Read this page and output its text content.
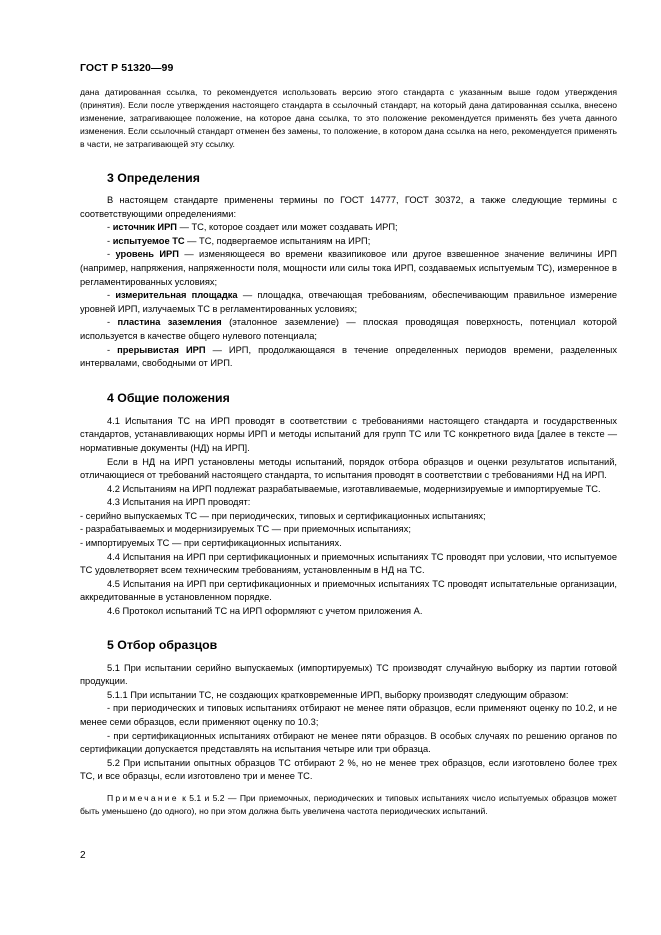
ГОСТ Р 51320—99

дана датированная ссылка, то рекомендуется использовать версию этого стандарта с указанным выше годом утверждения (принятия). Если после утверждения настоящего стандарта в ссылочный стандарт, на который дана датированная ссылка, внесено изменение, затрагивающее положение, на которое дана ссылка, то это положение рекомендуется применять без учета данного изменения. Если ссылочный стандарт отменен без замены, то положение, в котором дана ссылка на него, рекомендуется применять в части, не затрагивающей эту ссылку.

3 Определения

В настоящем стандарте применены термины по ГОСТ 14777, ГОСТ 30372, а также следующие термины с соответствующими определениями:

- источник ИРП — ТС, которое создает или может создавать ИРП;

- испытуемое ТС — ТС, подвергаемое испытаниям на ИРП;

- уровень ИРП — изменяющееся во времени квазипиковое или другое взвешенное значение величины ИРП (например, напряжения, напряженности поля, мощности или силы тока ИРП, создаваемых испытуемым ТС), измеренное в регламентированных условиях;

- измерительная площадка — площадка, отвечающая требованиям, обеспечивающим правильное измерение уровней ИРП, излучаемых ТС в регламентированных условиях;

- пластина заземления (эталонное заземление) — плоская проводящая поверхность, потенциал которой используется в качестве общего нулевого потенциала;

- прерывистая ИРП — ИРП, продолжающаяся в течение определенных периодов времени, разделенных интервалами, свободными от ИРП.

4 Общие положения

4.1 Испытания ТС на ИРП проводят в соответствии с требованиями настоящего стандарта и государственных стандартов, устанавливающих нормы ИРП и методы испытаний для групп ТС или ТС конкретного вида [далее в тексте — нормативные документы (НД) на ИРП].

Если в НД на ИРП установлены методы испытаний, порядок отбора образцов и оценки результатов испытаний, отличающиеся от требований настоящего стандарта, то испытания проводят в соответствии с требованиями НД на ИРП.

4.2 Испытаниям на ИРП подлежат разрабатываемые, изготавливаемые, модернизируемые и импортируемые ТС.

4.3 Испытания на ИРП проводят:

- серийно выпускаемых ТС — при периодических, типовых и сертификационных испытаниях;

- разрабатываемых и модернизируемых ТС — при приемочных испытаниях;

- импортируемых ТС — при сертификационных испытаниях.

4.4 Испытания на ИРП при сертификационных и приемочных испытаниях ТС проводят при условии, что испытуемое ТС удовлетворяет всем техническим требованиям, установленным в НД на ТС.

4.5 Испытания на ИРП при сертификационных и приемочных испытаниях ТС проводят испытательные организации, аккредитованные в установленном порядке.

4.6 Протокол испытаний ТС на ИРП оформляют с учетом приложения А.

5 Отбор образцов

5.1 При испытании серийно выпускаемых (импортируемых) ТС производят случайную выборку из партии готовой продукции.

5.1.1 При испытании ТС, не создающих кратковременные ИРП, выборку производят следующим образом:

- при периодических и типовых испытаниях отбирают не менее пяти образцов, если применяют оценку по 10.2, и не менее семи образцов, если применяют оценку по 10.3;

- при сертификационных испытаниях отбирают не менее пяти образцов. В особых случаях по решению органов по сертификации допускается представлять на испытания четыре или три образца.

5.2 При испытании опытных образцов ТС отбирают 2 %, но не менее трех образцов, если изготовлено более трех ТС, и все образцы, если изготовлено три и менее ТС.

Примечание к 5.1 и 5.2 — При приемочных, периодических и типовых испытаниях число испытуемых образцов может быть уменьшено (до одного), но при этом должна быть увеличена частота периодических испытаний.

2
